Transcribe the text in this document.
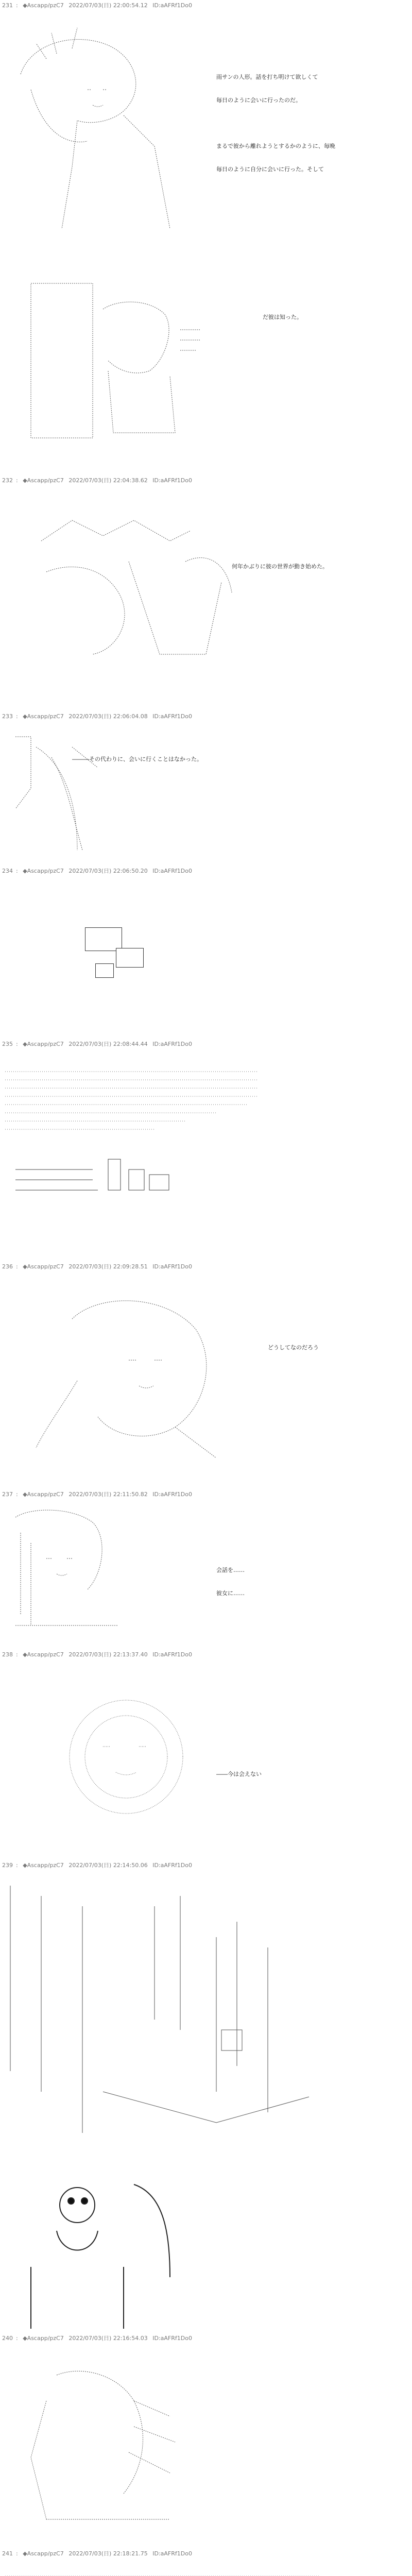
231 : ◆Ascapp/pzC7 2022/07/03(日) 22:00:54.12 ID:aAFRf1Do0

雨サンの人形。話を打ち明けて欲しくて

毎日のように会いに行ったのだ。

まるで彼から離れようとするかのように、毎晩

毎日のように自分に会いに行った。そして

だ彼は知った。

232 : ◆Ascapp/pzC7 2022/07/03(日) 22:04:38.62 ID:aAFRf1Do0

何年かぶりに彼の世界が動き始めた。

233 : ◆Ascapp/pzC7 2022/07/03(日) 22:06:04.08 ID:aAFRf1Do0

―――その代わりに、会いに行くことはなかった。

234 : ◆Ascapp/pzC7 2022/07/03(日) 22:06:50.20 ID:aAFRf1Do0
235 : ◆Ascapp/pzC7 2022/07/03(日) 22:08:44.44 ID:aAFRf1Do0
236 : ◆Ascapp/pzC7 2022/07/03(日) 22:09:28.51 ID:aAFRf1Do0

どうしてなのだろう

237 : ◆Ascapp/pzC7 2022/07/03(日) 22:11:50.82 ID:aAFRf1Do0

会話を……

彼女に……

238 : ◆Ascapp/pzC7 2022/07/03(日) 22:13:37.40 ID:aAFRf1Do0

――今は会えない

239 : ◆Ascapp/pzC7 2022/07/03(日) 22:14:50.06 ID:aAFRf1Do0
240 : ◆Ascapp/pzC7 2022/07/03(日) 22:16:54.03 ID:aAFRf1Do0
241 : ◆Ascapp/pzC7 2022/07/03(日) 22:18:21.75 ID:aAFRf1Do0
